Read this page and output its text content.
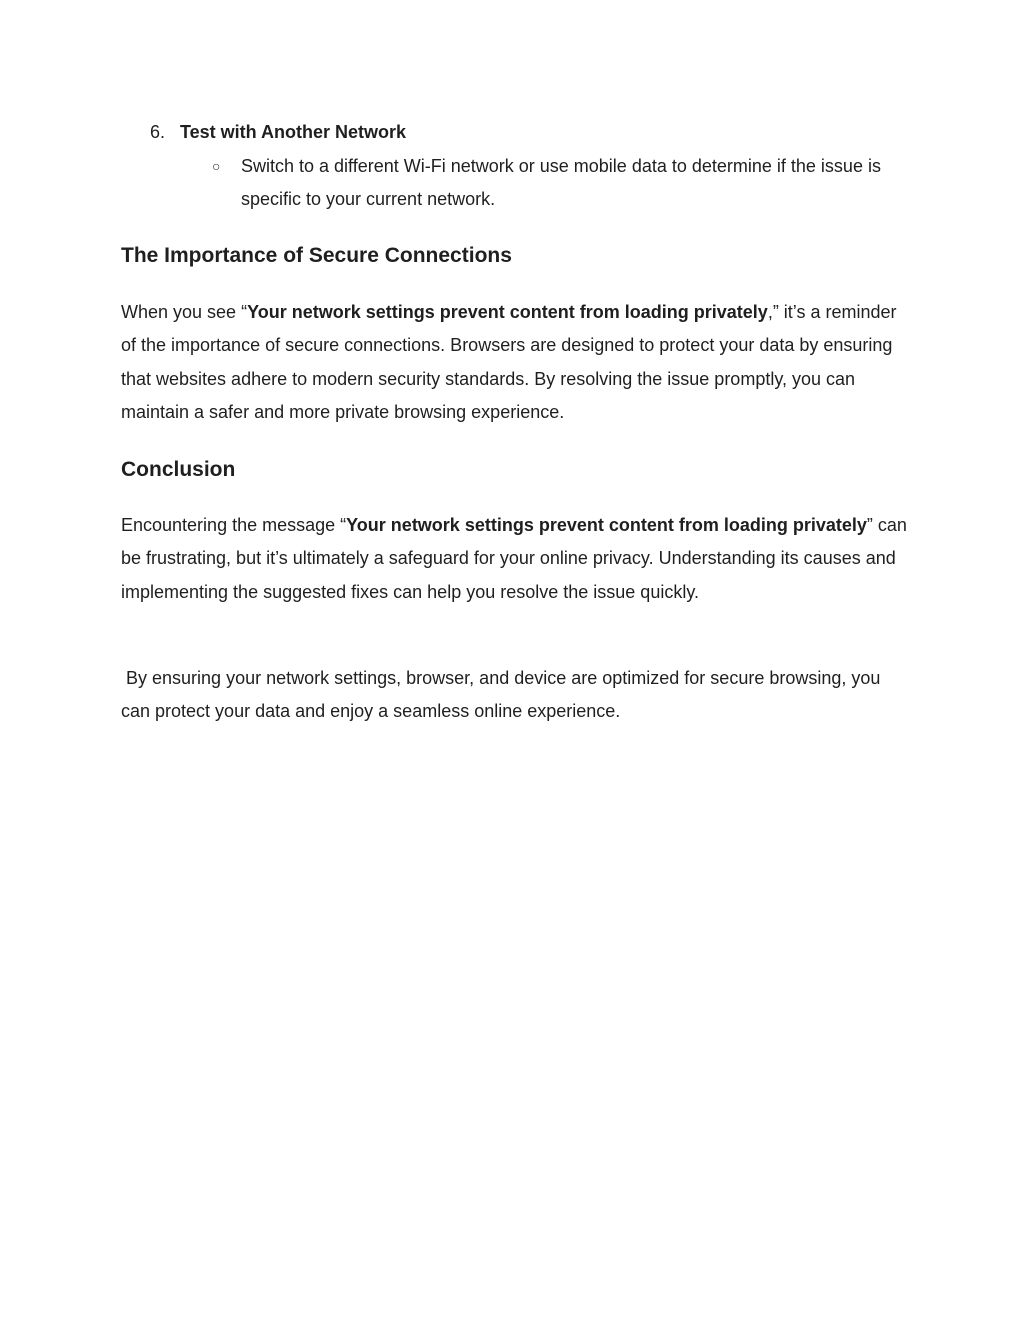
6. Test with Another Network
○ Switch to a different Wi-Fi network or use mobile data to determine if the issue is specific to your current network.
The Importance of Secure Connections

When you see “Your network settings prevent content from loading privately,” it’s a reminder of the importance of secure connections. Browsers are designed to protect your data by ensuring that websites adhere to modern security standards. By resolving the issue promptly, you can maintain a safer and more private browsing experience.

Conclusion

Encountering the message “Your network settings prevent content from loading privately” can be frustrating, but it’s ultimately a safeguard for your online privacy. Understanding its causes and implementing the suggested fixes can help you resolve the issue quickly.

By ensuring your network settings, browser, and device are optimized for secure browsing, you can protect your data and enjoy a seamless online experience.
